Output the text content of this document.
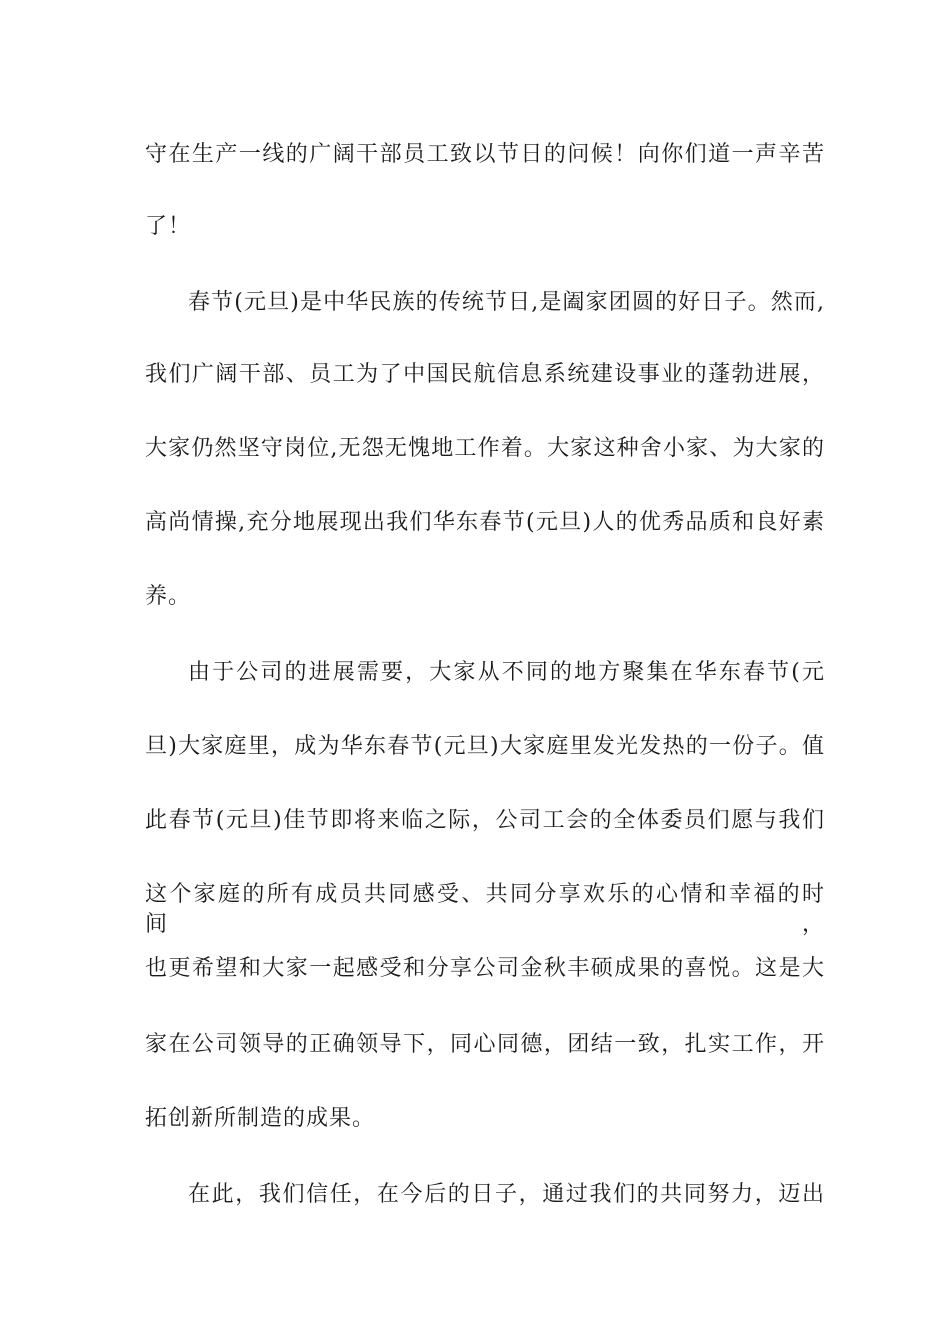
守在生产一线的广阔干部员工致以节日的问候！向你们道一声辛苦
了！
春节(元旦)是中华民族的传统节日,是阖家团圆的好日子。然而,
我们广阔干部、员工为了中国民航信息系统建设事业的蓬勃进展，
大家仍然坚守岗位,无怨无愧地工作着。大家这种舍小家、为大家的
高尚情操,充分地展现出我们华东春节(元旦)人的优秀品质和良好素
养。
由于公司的进展需要，大家从不同的地方聚集在华东春节(元
旦)大家庭里，成为华东春节(元旦)大家庭里发光发热的一份子。值
此春节(元旦)佳节即将来临之际，公司工会的全体委员们愿与我们
这个家庭的所有成员共同感受、共同分享欢乐的心情和幸福的时间，
也更希望和大家一起感受和分享公司金秋丰硕成果的喜悦。这是大
家在公司领导的正确领导下，同心同德，团结一致，扎实工作，开
拓创新所制造的成果。
在此，我们信任，在今后的日子，通过我们的共同努力，迈出
